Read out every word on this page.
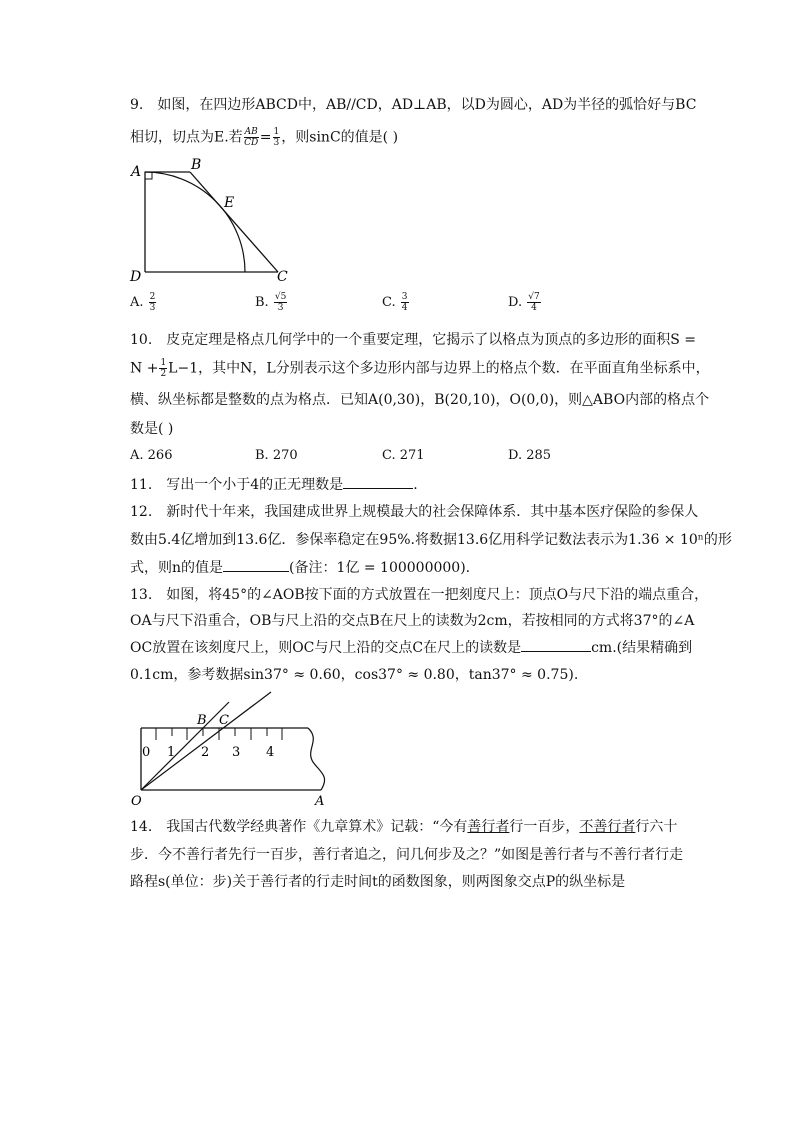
9. 如图，在四边形ABCD中，AB//CD，AD⊥AB，以D为圆心，AD为半径的弧恰好与BC
相切，切点为E.若 $\frac{AB}{CD} = \frac{1}{3}$ ，则sinC的值是( )
A	B
E
D	C
A. $\frac{2}{3}$	B. $\frac{√5}{3}$	C. $\frac{3}{4}$	D. $\frac{√7}{4}$
10. 皮克定理是格点几何学中的一个重要定理，它揭示了以格点为顶点的多边形的面积S =
$N + \frac{1}{2} L-1$，其中N，L分别表示这个多边形内部与边界上的格点个数．在平面直角坐标系中，
横、纵坐标都是整数的点为格点．已知A(0,30)，B(20,10)，O(0,0)，则△ABO内部的格点个
数是( )
A. 266	B. 270	C. 271	D. 285
11. 写出一个小于4的正无理数是	.
12. 新时代十年来，我国建成世界上规模最大的社会保障体系．其中基本医疗保险的参保人
数由5.4亿增加到13.6亿．参保率稳定在95%.将数据13.6亿用科学记数法表示为1.36 × 10ⁿ的形
式，则n的值是	(备注：1亿 = 100000000).
13. 如图，将45°的∠AOB按下面的方式放置在一把刻度尺上：顶点O与尺下沿的端点重合，
OA与尺下沿重合，OB与尺上沿的交点B在尺上的读数为2cm，若按相同的方式将37°的∠A
OC放置在该刻度尺上，则OC与尺上沿的交点C在尺上的读数是	cm.(结果精确到
0.1cm，参考数据sin37° ≈ 0.60，cos37° ≈ 0.80，tan37° ≈ 0.75).
0 1 2 3 4
B C
O	A
14. 我国古代数学经典著作《九章算术》记载：“今有善行者行一百步，不善行者行六十
步．今不善行者先行一百步，善行者追之，问几何步及之？”如图是善行者与不善行者行走
路程s(单位：步)关于善行者的行走时间t的函数图象，则两图象交点P的纵坐标是
